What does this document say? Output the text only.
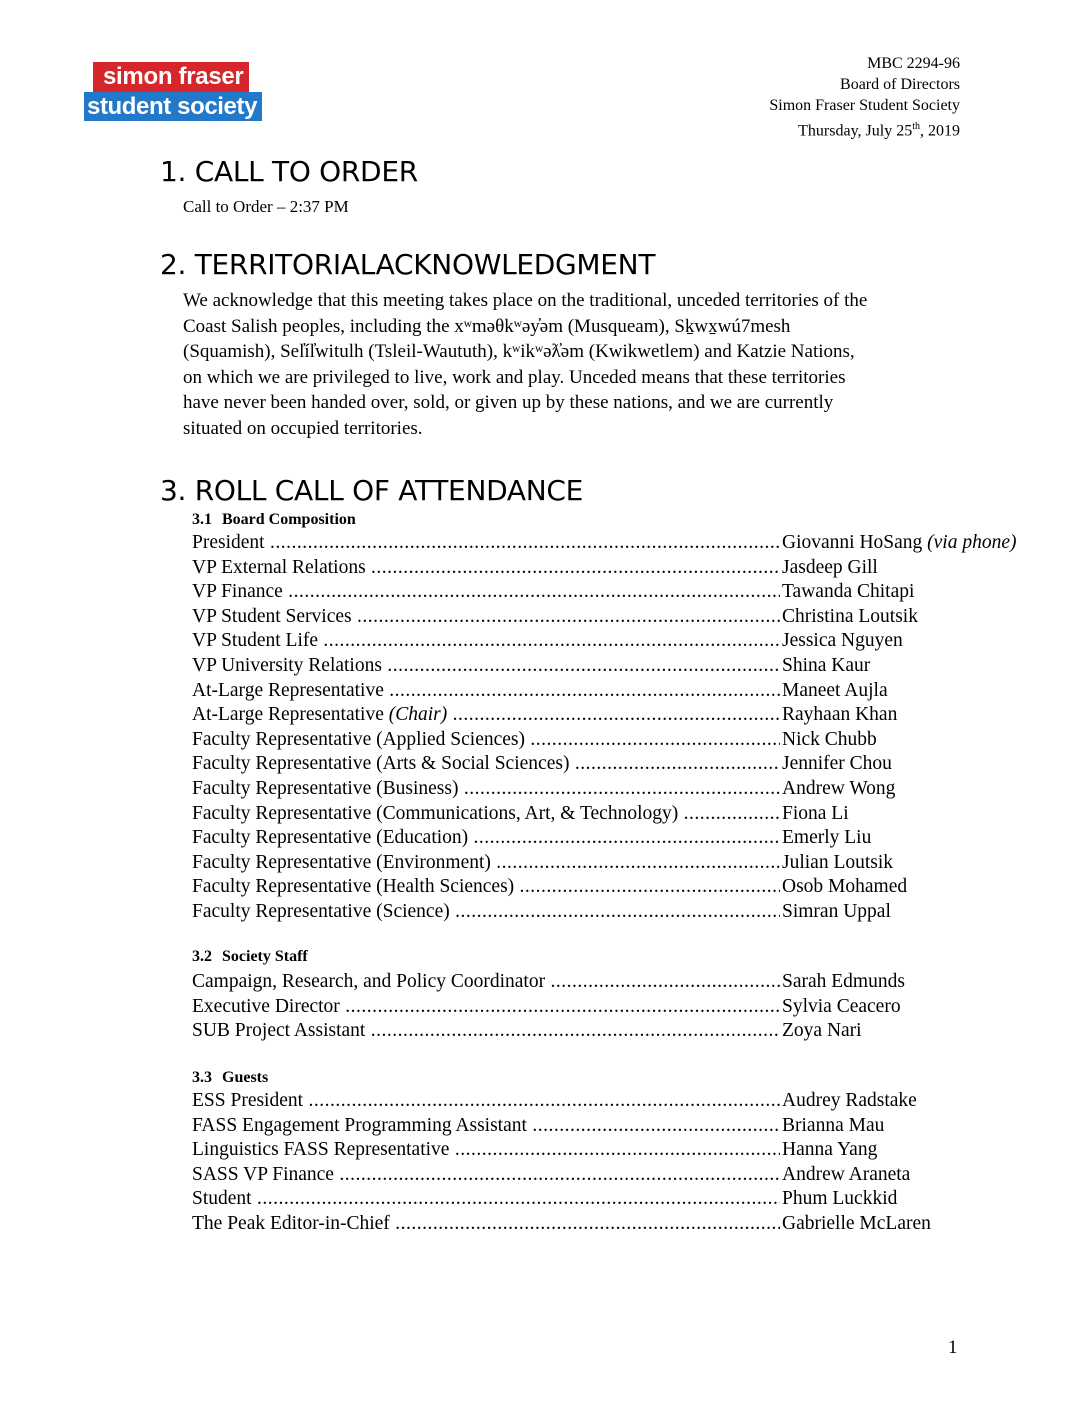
simon fraser
student society
MBC 2294-96
Board of Directors
Simon Fraser Student Society
Thursday, July 25th, 2019
1. CALL TO ORDER
Call to Order – 2:37 PM
2. TERRITORIALACKNOWLEDGMENT
We acknowledge that this meeting takes place on the traditional, unceded territories of the
Coast Salish peoples, including the xʷməθkʷəy̓əm (Musqueam), Sḵwx̱wú7mesh
(Squamish), Sel̓íl̓witulh (Tsleil-Waututh), kʷikʷəƛ̓əm (Kwikwetlem) and Katzie Nations,
on which we are privileged to live, work and play. Unceded means that these territories
have never been handed over, sold, or given up by these nations, and we are currently
situated on occupied territories.
3. ROLL CALL OF ATTENDANCE
3.1 Board Composition
President .....	Giovanni HoSang (via phone)
VP External Relations .....	Jasdeep Gill
VP Finance .....	Tawanda Chitapi
VP Student Services .....	Christina Loutsik
VP Student Life .....	Jessica Nguyen
VP University Relations .....	Shina Kaur
At-Large Representative .....	Maneet Aujla
At-Large Representative (Chair) .....	Rayhaan Khan
Faculty Representative (Applied Sciences) .....	Nick Chubb
Faculty Representative (Arts & Social Sciences) .....	Jennifer Chou
Faculty Representative (Business) .....	Andrew Wong
Faculty Representative (Communications, Art, & Technology) .....	Fiona Li
Faculty Representative (Education) .....	Emerly Liu
Faculty Representative (Environment) .....	Julian Loutsik
Faculty Representative (Health Sciences) .....	Osob Mohamed
Faculty Representative (Science) .....	Simran Uppal
3.2 Society Staff
Campaign, Research, and Policy Coordinator .....	Sarah Edmunds
Executive Director .....	Sylvia Ceacero
SUB Project Assistant .....	Zoya Nari
3.3 Guests
ESS President .....	Audrey Radstake
FASS Engagement Programming Assistant .....	Brianna Mau
Linguistics FASS Representative .....	Hanna Yang
SASS VP Finance .....	Andrew Araneta
Student .....	Phum Luckkid
The Peak Editor-in-Chief .....	Gabrielle McLaren
1
